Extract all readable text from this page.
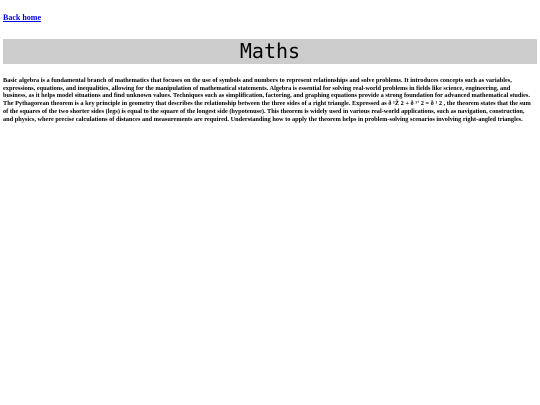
Back home
Maths

Basic algebra is a fundamental branch of mathematics that focuses on the use of symbols and numbers to represent relationships and solve problems. It introduces concepts such as variables, expressions, equations, and inequalities, allowing for the manipulation of mathematical statements. Algebra is essential for solving real-world problems in fields like science, engineering, and business, as it helps model situations and find unknown values. Techniques such as simplification, factoring, and graphing equations provide a strong foundation for advanced mathematical studies. The Pythagorean theorem is a key principle in geometry that describes the relationship between the three sides of a right triangle. Expressed as ð ¹Ž 2 + ð ¹‘ 2 = ð ¹ 2 , the theorem states that the sum of the squares of the two shorter sides (legs) is equal to the square of the longest side (hypotenuse). This theorem is widely used in various real-world applications, such as navigation, construction, and physics, where precise calculations of distances and measurements are required. Understanding how to apply the theorem helps in problem-solving scenarios involving right-angled triangles.
